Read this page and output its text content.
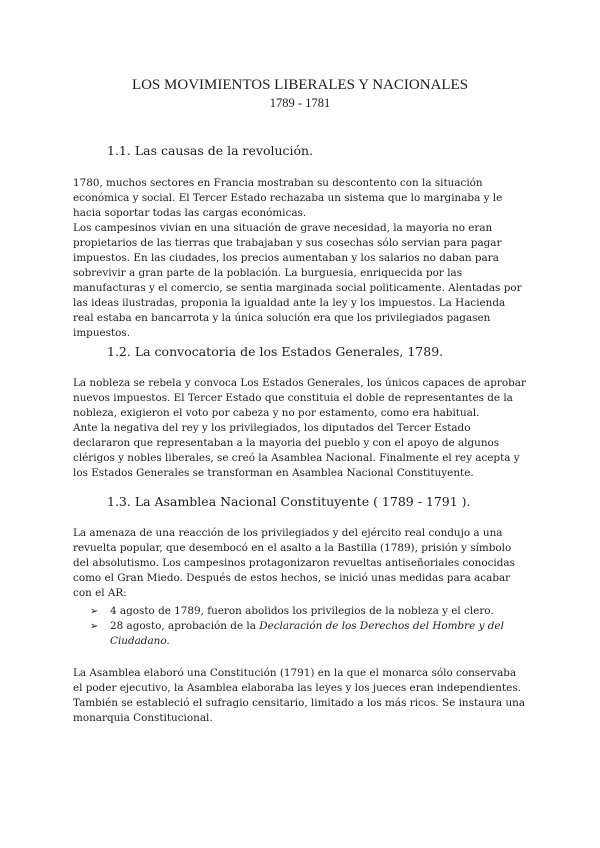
LOS MOVIMIENTOS LIBERALES Y NACIONALES
1789 - 1781
1.1. Las causas de la revolución.

1780, muchos sectores en Francia mostraban su descontento con la situación económica y social. El Tercer Estado rechazaba un sistema que lo marginaba y le hacia soportar todas las cargas económicas.

Los campesinos vivian en una situación de grave necesidad, la mayoria no eran propietarios de las tierras que trabajaban y sus cosechas sólo servian para pagar impuestos. En las ciudades, los precios aumentaban y los salarios no daban para sobrevivir a gran parte de la población. La burguesia, enriquecida por las manufacturas y el comercio, se sentia marginada social politicamente. Alentadas por las ideas ilustradas, proponia la igualdad ante la ley y los impuestos. La Hacienda real estaba en bancarrota y la única solución era que los privilegiados pagasen impuestos.

1.2. La convocatoria de los Estados Generales, 1789.

La nobleza se rebela y convoca Los Estados Generales, los únicos capaces de aprobar nuevos impuestos. El Tercer Estado que constituia el doble de representantes de la nobleza, exigieron el voto por cabeza y no por estamento, como era habitual.

Ante la negativa del rey y los privilegiados, los diputados del Tercer Estado declararon que representaban a la mayoria del pueblo y con el apoyo de algunos clérigos y nobles liberales, se creó la Asamblea Nacional. Finalmente el rey acepta y los Estados Generales se transforman en Asamblea Nacional Constituyente.

1.3. La Asamblea Nacional Constituyente ( 1789 - 1791 ).

La amenaza de una reacción de los privilegiados y del ejército real condujo a una revuelta popular, que desembocó en el asalto a la Bastilla (1789), prisión y símbolo del absolutismo. Los campesinos protagonizaron revueltas antiseñoriales conocidas como el Gran Miedo. Después de estos hechos, se inició unas medidas para acabar con el AR:

➢ 4 agosto de 1789, fueron abolidos los privilegios de la nobleza y el clero.
➢ 28 agosto, aprobación de la Declaración de los Derechos del Hombre y del Ciudadano.

La Asamblea elaboró una Constitución (1791) en la que el monarca sólo conservaba el poder ejecutivo, la Asamblea elaboraba las leyes y los jueces eran independientes.

También se estableció el sufragio censitario, limitado a los más ricos. Se instaura una monarquia Constitucional.
